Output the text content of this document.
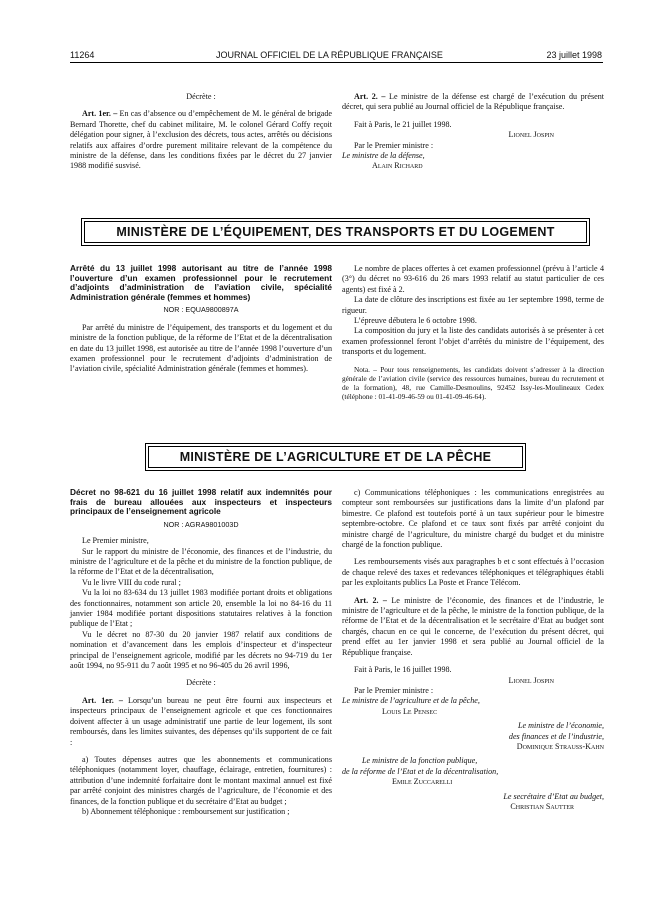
11264	JOURNAL OFFICIEL DE LA RÉPUBLIQUE FRANÇAISE	23 juillet 1998

Décrète :

Art. 1er. – En cas d’absence ou d’empêchement de M. le général de brigade Bernard Thorette, chef du cabinet militaire, M. le colonel Gérard Coffy reçoit délégation pour signer, à l’exclusion des décrets, tous actes, arrêtés ou décisions relatifs aux affaires d’ordre purement militaire relevant de la compétence du ministre de la défense, dans les conditions fixées par le décret du 27 janvier 1988 modifié susvisé.

Art. 2. – Le ministre de la défense est chargé de l’exécution du présent décret, qui sera publié au Journal officiel de la République française.

Fait à Paris, le 21 juillet 1998.

Lionel Jospin

Par le Premier ministre :

Le ministre de la défense,

Alain Richard

MINISTÈRE DE L’ÉQUIPEMENT, DES TRANSPORTS ET DU LOGEMENT

Arrêté du 13 juillet 1998 autorisant au titre de l’année 1998 l’ouverture d’un examen professionnel pour le recrutement d’adjoints d’administration de l’aviation civile, spécialité Administration générale (femmes et hommes)

NOR : EQUA9800897A

Par arrêté du ministre de l’équipement, des transports et du logement et du ministre de la fonction publique, de la réforme de l’Etat et de la décentralisation en date du 13 juillet 1998, est autorisée au titre de l’année 1998 l’ouverture d’un examen professionnel pour le recrutement d’adjoints d’administration de l’aviation civile, spécialité Administration générale (femmes et hommes).

Le nombre de places offertes à cet examen professionnel (prévu à l’article 4 (3°) du décret no 93-616 du 26 mars 1993 relatif au statut particulier de ces agents) est fixé à 2.

La date de clôture des inscriptions est fixée au 1er septembre 1998, terme de rigueur.

L’épreuve débutera le 6 octobre 1998.

La composition du jury et la liste des candidats autorisés à se présenter à cet examen professionnel feront l’objet d’arrêtés du ministre de l’équipement, des transports et du logement.

Nota. – Pour tous renseignements, les candidats doivent s’adresser à la direction générale de l’aviation civile (service des ressources humaines, bureau du recrutement et de la formation), 48, rue Camille-Desmoulins, 92452 Issy-les-Moulineaux Cedex (téléphone : 01-41-09-46-59 ou 01-41-09-46-64).

MINISTÈRE DE L’AGRICULTURE ET DE LA PÊCHE

Décret no 98-621 du 16 juillet 1998 relatif aux indemnités pour frais de bureau allouées aux inspecteurs et inspecteurs principaux de l’enseignement agricole

NOR : AGRA9801003D

Le Premier ministre,

Sur le rapport du ministre de l’économie, des finances et de l’industrie, du ministre de l’agriculture et de la pêche et du ministre de la fonction publique, de la réforme de l’Etat et de la décentralisation,

Vu le livre VIII du code rural ;

Vu la loi no 83-634 du 13 juillet 1983 modifiée portant droits et obligations des fonctionnaires, notamment son article 20, ensemble la loi no 84-16 du 11 janvier 1984 modifiée portant dispositions statutaires relatives à la fonction publique de l’Etat ;

Vu le décret no 87-30 du 20 janvier 1987 relatif aux conditions de nomination et d’avancement dans les emplois d’inspecteur et d’inspecteur principal de l’enseignement agricole, modifié par les décrets no 94-719 du 1er août 1994, no 95-911 du 7 août 1995 et no 96-405 du 26 avril 1996,

Décrète :

Art. 1er. – Lorsqu’un bureau ne peut être fourni aux inspecteurs et inspecteurs principaux de l’enseignement agricole et que ces fonctionnaires doivent affecter à un usage administratif une partie de leur logement, ils sont remboursés, dans les limites suivantes, des dépenses qu’ils supportent de ce fait :

a) Toutes dépenses autres que les abonnements et communications téléphoniques (notamment loyer, chauffage, éclairage, entretien, fournitures) : attribution d’une indemnité forfaitaire dont le montant maximal annuel est fixé par arrêté conjoint des ministres chargés de l’agriculture, de l’économie et des finances, de la fonction publique et du secrétaire d’Etat au budget ;

b) Abonnement téléphonique : remboursement sur justification ;

c) Communications téléphoniques : les communications enregistrées au compteur sont remboursées sur justifications dans la limite d’un plafond par bimestre. Ce plafond est toutefois porté à un taux supérieur pour le bimestre septembre-octobre. Ce plafond et ce taux sont fixés par arrêté conjoint du ministre chargé de l’agriculture, du ministre chargé du budget et du ministre chargé de la fonction publique.

Les remboursements visés aux paragraphes b et c sont effectués à l’occasion de chaque relevé des taxes et redevances téléphoniques et télégraphiques établi par les exploitants publics La Poste et France Télécom.

Art. 2. – Le ministre de l’économie, des finances et de l’industrie, le ministre de l’agriculture et de la pêche, le ministre de la fonction publique, de la réforme de l’Etat et de la décentralisation et le secrétaire d’Etat au budget sont chargés, chacun en ce qui le concerne, de l’exécution du présent décret, qui prend effet au 1er janvier 1998 et sera publié au Journal officiel de la République française.

Fait à Paris, le 16 juillet 1998.

Lionel Jospin

Par le Premier ministre :

Le ministre de l’agriculture et de la pêche,

Louis Le Pensec

Le ministre de l’économie,

des finances et de l’industrie,

Dominique Strauss-Kahn

Le ministre de la fonction publique,

de la réforme de l’Etat et de la décentralisation,

Emile Zuccarelli

Le secrétaire d’Etat au budget,

Christian Sautter
